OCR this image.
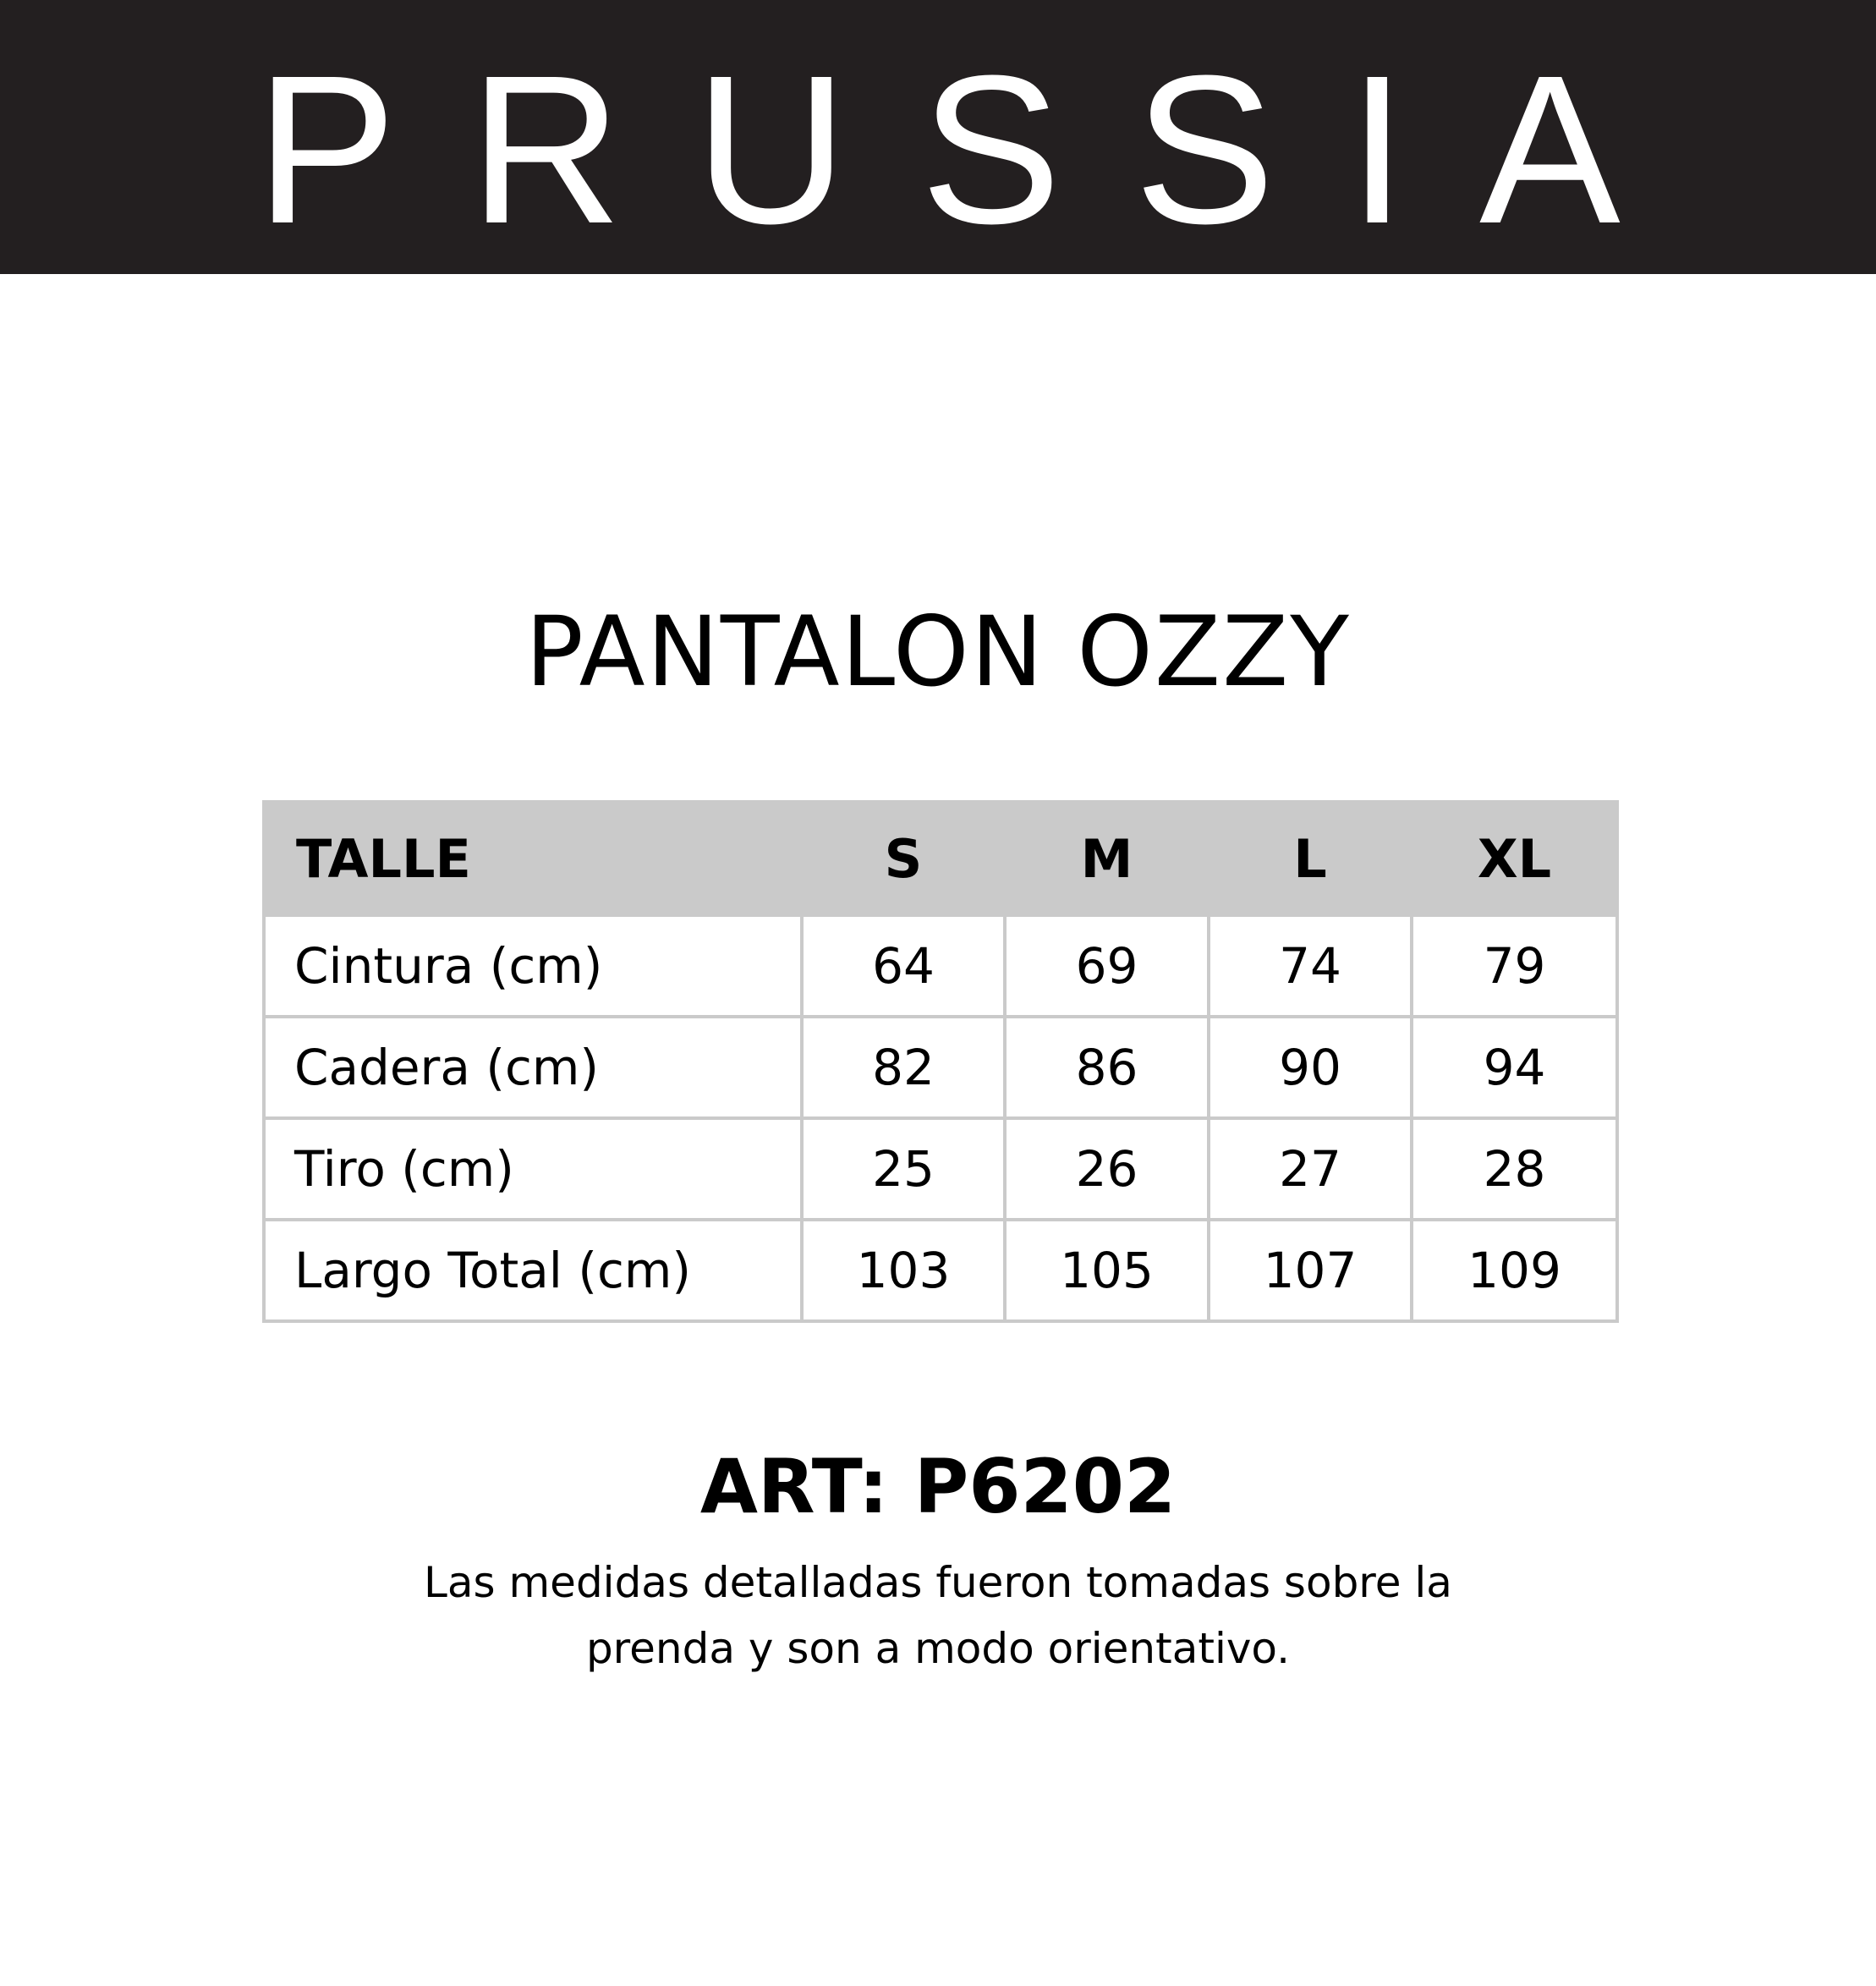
PRUSSIA
PANTALON OZZY
TALLE	S	M	L	XL
Cintura (cm)	64	69	74	79
Cadera (cm)	82	86	90	94
Tiro (cm)	25	26	27	28
Largo Total (cm)	103	105	107	109
ART: P6202
Las medidas detalladas fueron tomadas sobre la prenda y son a modo orientativo.
